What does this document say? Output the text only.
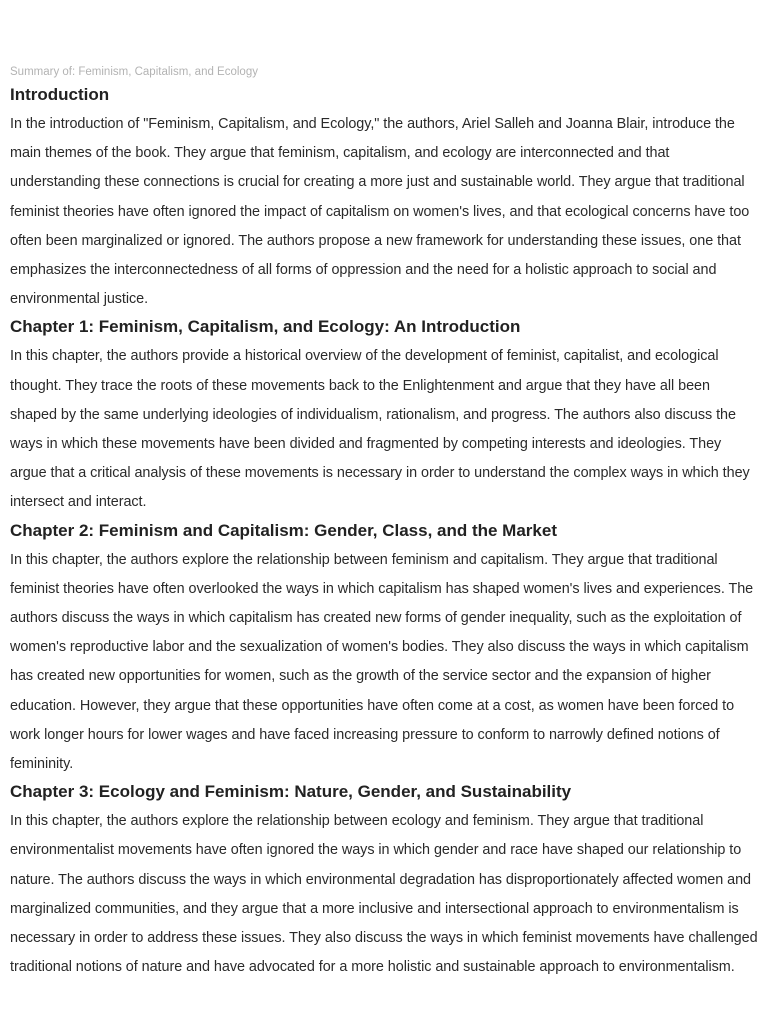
Summary of: Feminism, Capitalism, and Ecology
Introduction

In the introduction of "Feminism, Capitalism, and Ecology," the authors, Ariel Salleh and Joanna Blair, introduce the main themes of the book. They argue that feminism, capitalism, and ecology are interconnected and that understanding these connections is crucial for creating a more just and sustainable world. They argue that traditional feminist theories have often ignored the impact of capitalism on women's lives, and that ecological concerns have too often been marginalized or ignored. The authors propose a new framework for understanding these issues, one that emphasizes the interconnectedness of all forms of oppression and the need for a holistic approach to social and environmental justice.

Chapter 1: Feminism, Capitalism, and Ecology: An Introduction

In this chapter, the authors provide a historical overview of the development of feminist, capitalist, and ecological thought. They trace the roots of these movements back to the Enlightenment and argue that they have all been shaped by the same underlying ideologies of individualism, rationalism, and progress. The authors also discuss the ways in which these movements have been divided and fragmented by competing interests and ideologies. They argue that a critical analysis of these movements is necessary in order to understand the complex ways in which they intersect and interact.

Chapter 2: Feminism and Capitalism: Gender, Class, and the Market

In this chapter, the authors explore the relationship between feminism and capitalism. They argue that traditional feminist theories have often overlooked the ways in which capitalism has shaped women's lives and experiences. The authors discuss the ways in which capitalism has created new forms of gender inequality, such as the exploitation of women's reproductive labor and the sexualization of women's bodies. They also discuss the ways in which capitalism has created new opportunities for women, such as the growth of the service sector and the expansion of higher education. However, they argue that these opportunities have often come at a cost, as women have been forced to work longer hours for lower wages and have faced increasing pressure to conform to narrowly defined notions of femininity.

Chapter 3: Ecology and Feminism: Nature, Gender, and Sustainability

In this chapter, the authors explore the relationship between ecology and feminism. They argue that traditional environmentalist movements have often ignored the ways in which gender and race have shaped our relationship to nature. The authors discuss the ways in which environmental degradation has disproportionately affected women and marginalized communities, and they argue that a more inclusive and intersectional approach to environmentalism is necessary in order to address these issues. They also discuss the ways in which feminist movements have challenged traditional notions of nature and have advocated for a more holistic and sustainable approach to environmentalism.
